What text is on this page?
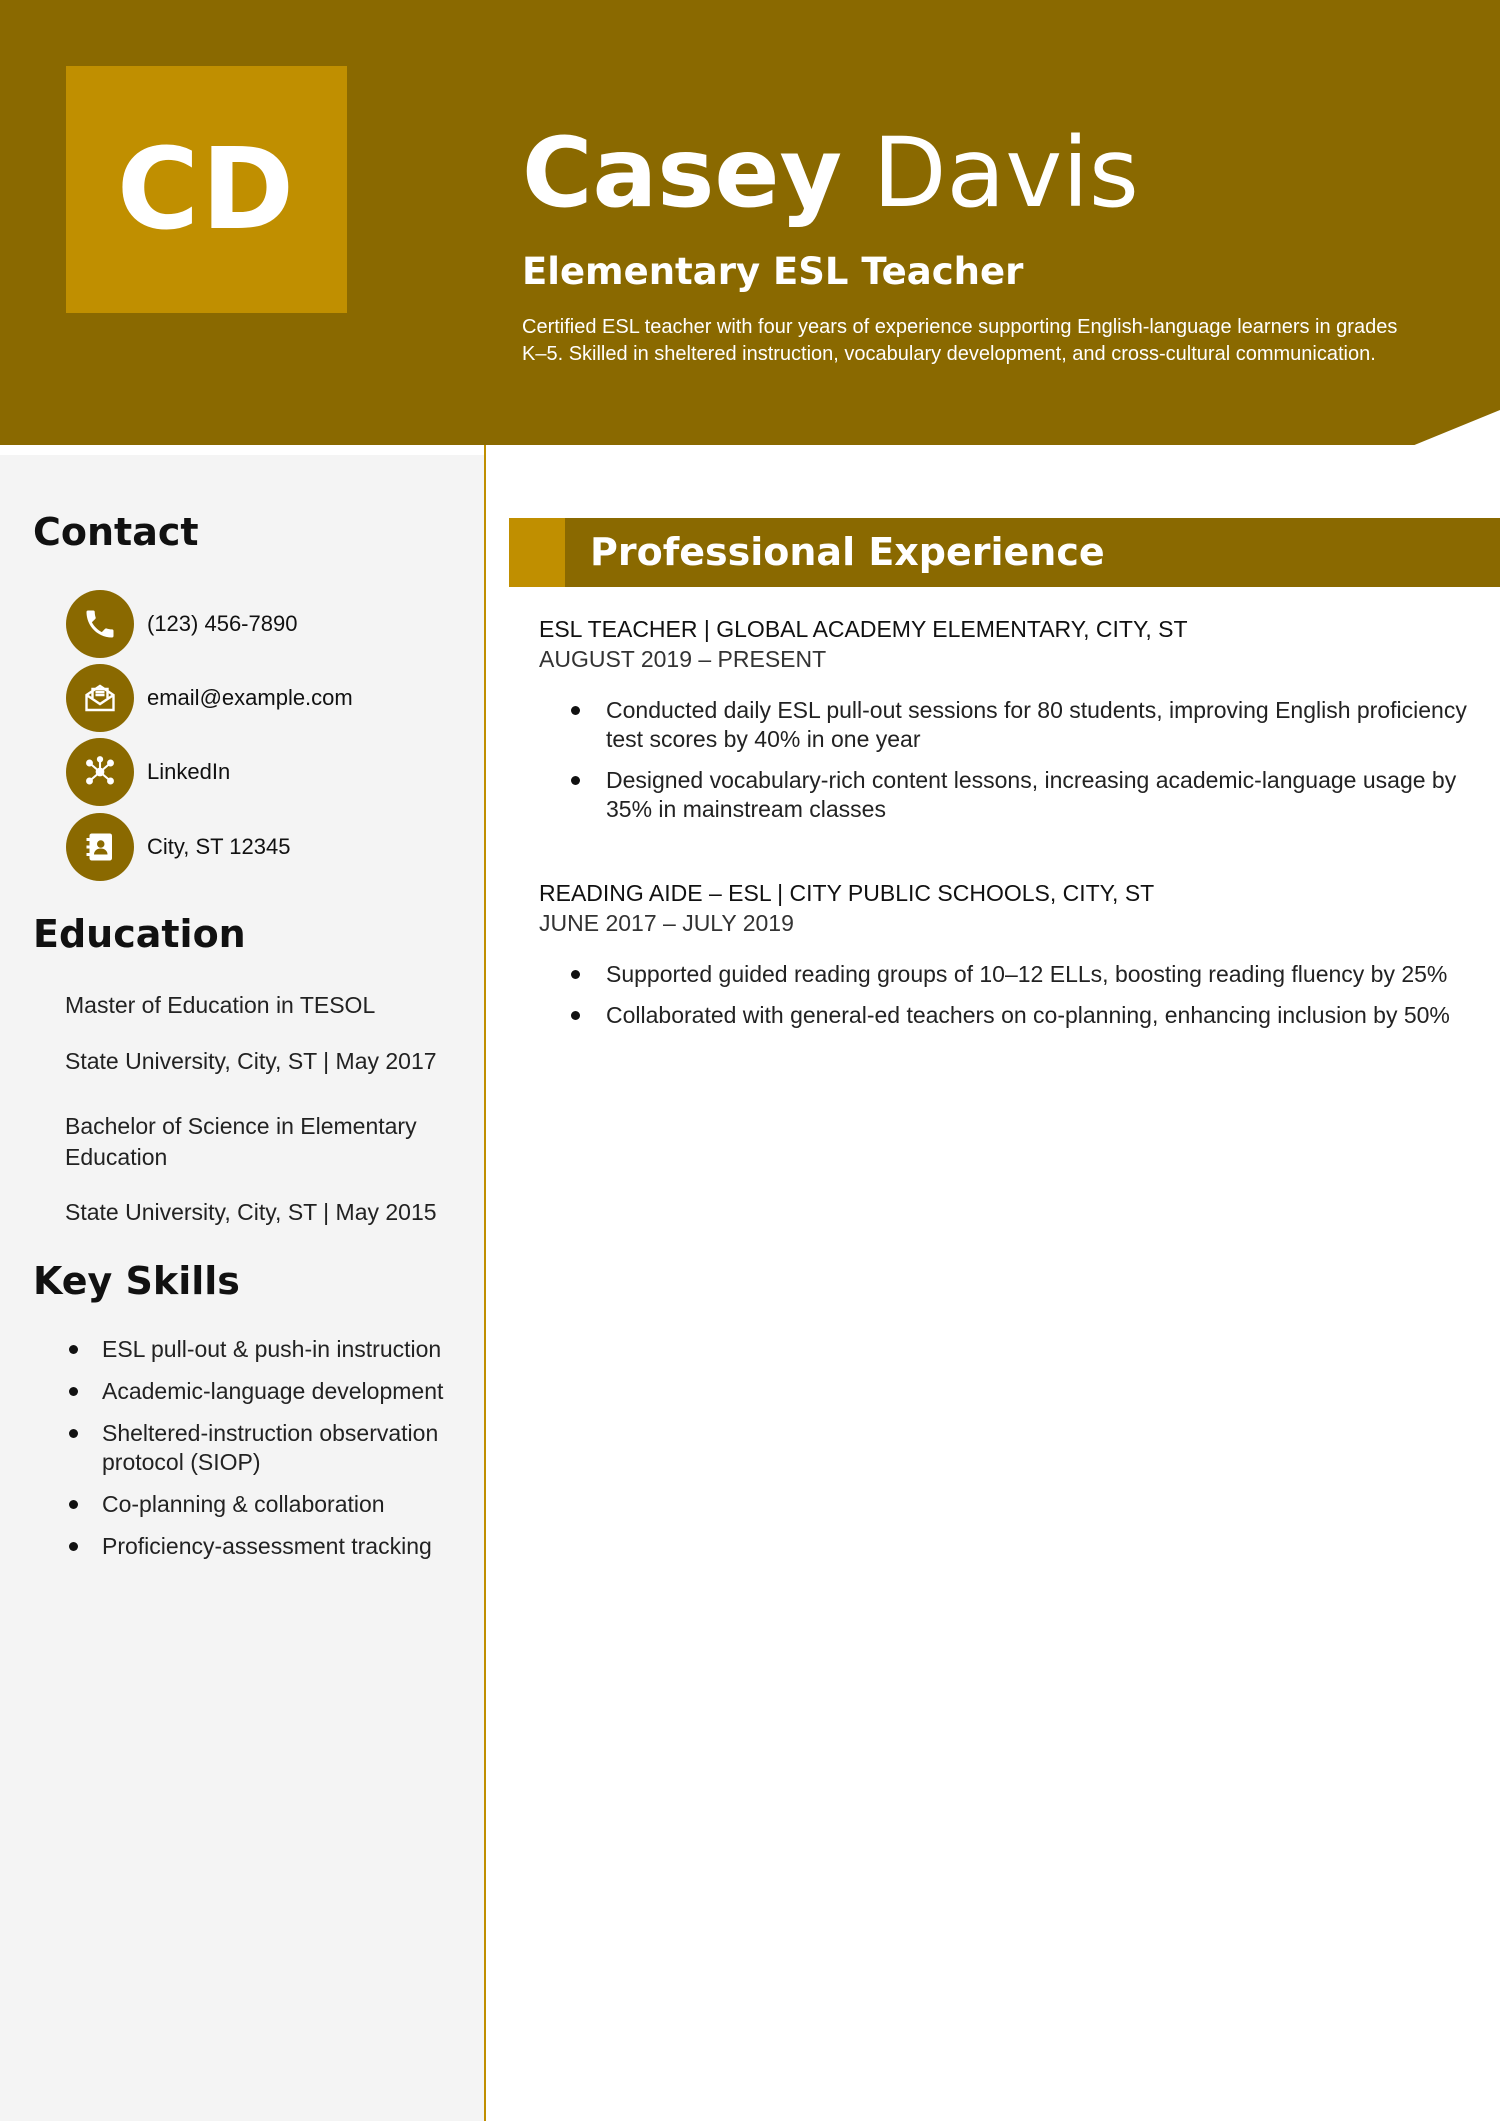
CD Casey Davis
Elementary ESL Teacher
Certified ESL teacher with four years of experience supporting English-language learners in grades K–5. Skilled in sheltered instruction, vocabulary development, and cross-cultural communication.
Contact
(123) 456-7890
email@example.com
LinkedIn
City, ST 12345
Education
Master of Education in TESOL
State University, City, ST | May 2017
Bachelor of Science in Elementary Education
State University, City, ST | May 2015
Key Skills
ESL pull-out & push-in instruction
Academic-language development
Sheltered-instruction observation protocol (SIOP)
Co-planning & collaboration
Proficiency-assessment tracking
Professional Experience
ESL TEACHER | GLOBAL ACADEMY ELEMENTARY, CITY, ST
AUGUST 2019 – PRESENT
Conducted daily ESL pull-out sessions for 80 students, improving English proficiency test scores by 40% in one year
Designed vocabulary-rich content lessons, increasing academic-language usage by 35% in mainstream classes
READING AIDE – ESL | CITY PUBLIC SCHOOLS, CITY, ST
JUNE 2017 – JULY 2019
Supported guided reading groups of 10–12 ELLs, boosting reading fluency by 25%
Collaborated with general-ed teachers on co-planning, enhancing inclusion by 50%
